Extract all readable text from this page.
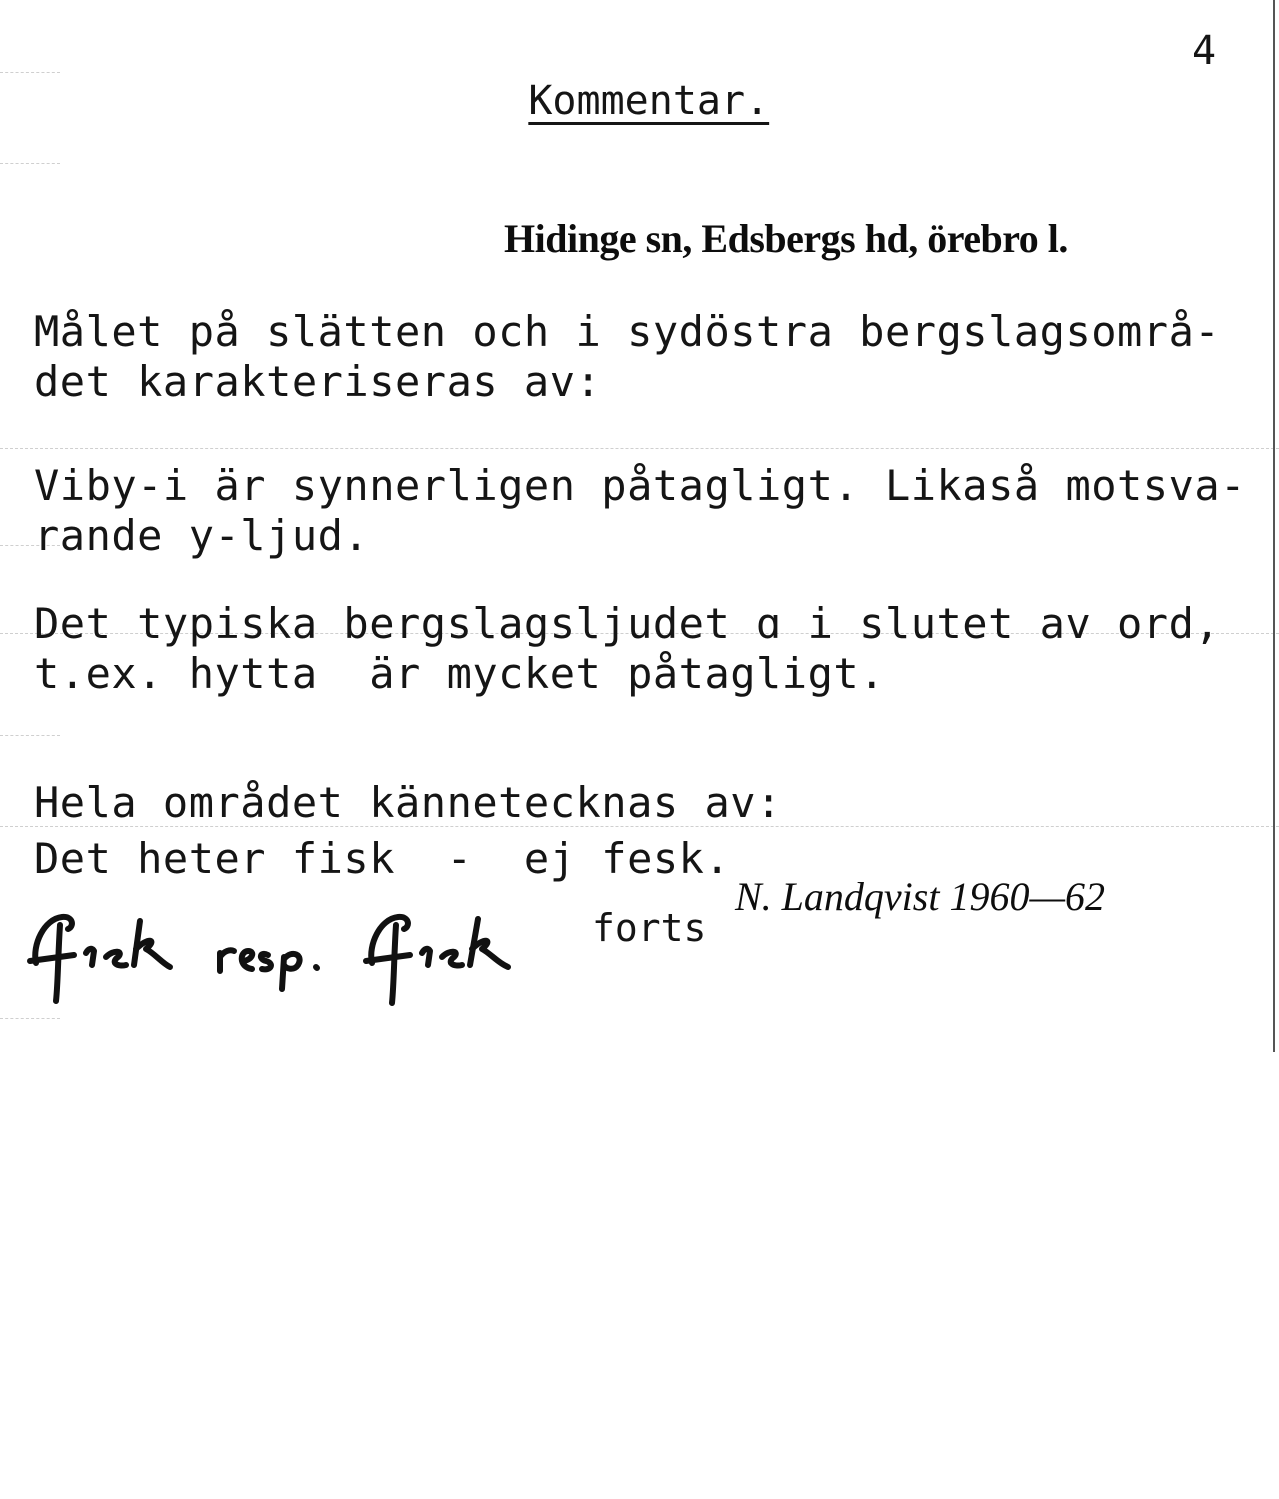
Kommentar.

4
Hidinge sn, Edsbergs hd, örebro l.
Målet på slätten och i sydöstra bergslagsområ-
det karakteriseras av:
Viby-i är synnerligen påtagligt. Likaså motsva-
rande y-ljud.
Det typiska bergslagsljudet ɑ i slutet av ord,
t.ex. hytta  är mycket påtagligt.
Hela området kännetecknas av:
Det heter fisk  -  ej fesk.
N. Landqvist 1960—62
forts
